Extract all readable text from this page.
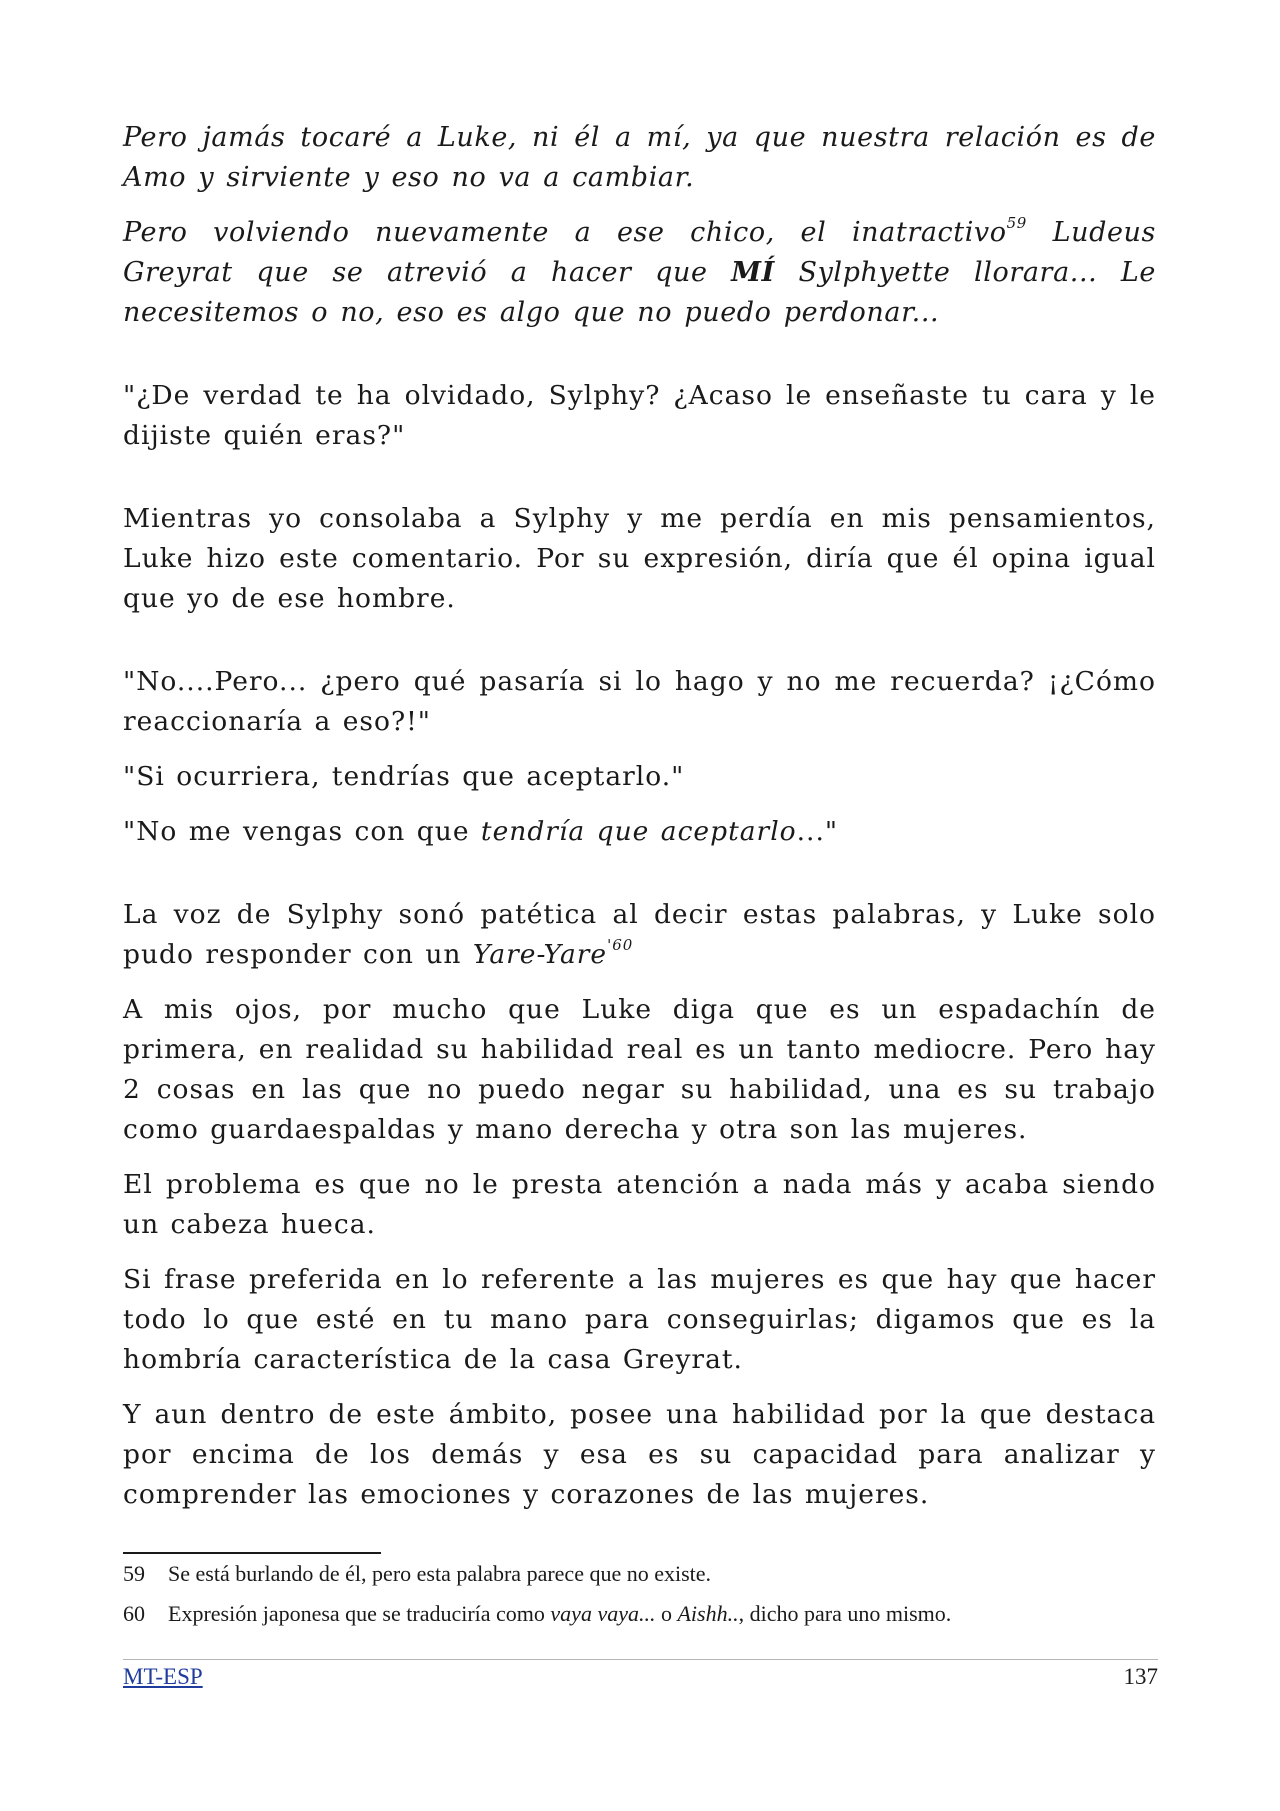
Pero jamás tocaré a Luke, ni él a mí, ya que nuestra relación es de Amo y sirviente y eso no va a cambiar.

Pero volviendo nuevamente a ese chico, el inatractivo$^{59}$ Ludeus Greyrat que se atrevió a hacer que MÍ Sylphyette llorara... Le necesitemos o no, eso es algo que no puedo perdonar...

"¿De verdad te ha olvidado, Sylphy? ¿Acaso le enseñaste tu cara y le dijiste quién eras?"

Mientras yo consolaba a Sylphy y me perdía en mis pensamientos, Luke hizo este comentario. Por su expresión, diría que él opina igual que yo de ese hombre.

"No....Pero... ¿pero qué pasaría si lo hago y no me recuerda? ¡¿Cómo reaccionaría a eso?!"

"Si ocurriera, tendrías que aceptarlo."

"No me vengas con que tendría que aceptarlo..."

La voz de Sylphy sonó patética al decir estas palabras, y Luke solo pudo responder con un Yare-Yare$^{'60}$

A mis ojos, por mucho que Luke diga que es un espadachín de primera, en realidad su habilidad real es un tanto mediocre. Pero hay 2 cosas en las que no puedo negar su habilidad, una es su trabajo como guardaespaldas y mano derecha y otra son las mujeres.

El problema es que no le presta atención a nada más y acaba siendo un cabeza hueca.

Si frase preferida en lo referente a las mujeres es que hay que hacer todo lo que esté en tu mano para conseguirlas; digamos que es la hombría característica de la casa Greyrat.

Y aun dentro de este ámbito, posee una habilidad por la que destaca por encima de los demás y esa es su capacidad para analizar y comprender las emociones y corazones de las mujeres.

59	Se está burlando de él, pero esta palabra parece que no existe.
60	Expresión japonesa que se traduciría como vaya vaya... o Aishh.., dicho para uno mismo.
MT-ESP	137
